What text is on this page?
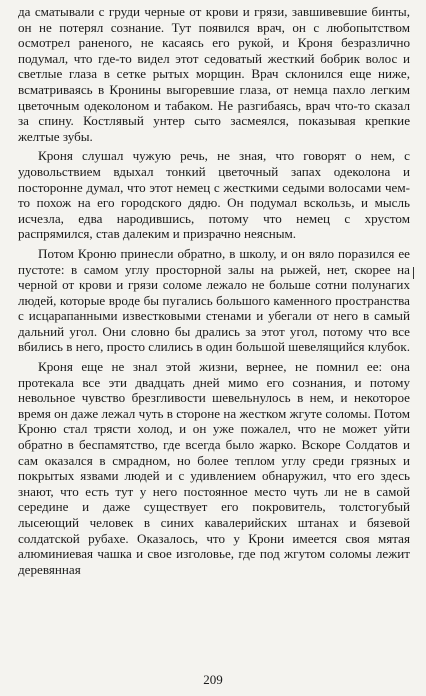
да сматывали с груди черные от крови и грязи, завшивевшие бинты, он не потерял сознание. Тут появился врач, он с любопытством осмотрел раненого, не касаясь его рукой, и Кроня безразлично подумал, что где-то видел этот седоватый жесткий бобрик волос и светлые глаза в сетке рытых морщин. Врач склонился еще ниже, всматриваясь в Кронины выгоревшие глаза, от немца пахло легким цветочным одеколоном и табаком. Не разгибаясь, врач что-то сказал за спину. Костлявый унтер сыто засмеялся, показывая крепкие желтые зубы.

Кроня слушал чужую речь, не зная, что говорят о нем, с удовольствием вдыхал тонкий цветочный запах одеколона и посторонне думал, что этот немец с жесткими седыми волосами чем-то похож на его городского дядю. Он подумал вскользь, и мысль исчезла, едва народившись, потому что немец с хрустом распрямился, став далеким и призрачно неясным.

Потом Кроню принесли обратно, в школу, и он вяло поразился ее пустоте: в самом углу просторной залы на рыжей, нет, скорее на черной от крови и грязи соломе лежало не больше сотни полунагих людей, которые вроде бы пугались большого каменного пространства с исцарапанными известковыми стенами и убегали от него в самый дальний угол. Они словно бы дрались за этот угол, потому что все вбились в него, просто слились в один большой шевелящийся клубок.

Кроня еще не знал этой жизни, вернее, не помнил ее: она протекала все эти двадцать дней мимо его сознания, и потому невольное чувство брезгливости шевельнулось в нем, и некоторое время он даже лежал чуть в стороне на жестком жгуте соломы. Потом Кроню стал трясти холод, и он уже пожалел, что не может уйти обратно в беспамятство, где всегда было жарко. Вскоре Солдатов и сам оказался в смрадном, но более теплом углу среди грязных и покрытых язвами людей и с удивлением обнаружил, что его здесь знают, что есть тут у него постоянное место чуть ли не в самой середине и даже существует его покровитель, толстогубый лысеющий человек в синих кавалерийских штанах и бязевой солдатской рубахе. Оказалось, что у Крони имеется своя мятая алюминиевая чашка и свое изголовье, где под жгутом соломы лежит деревянная

209
